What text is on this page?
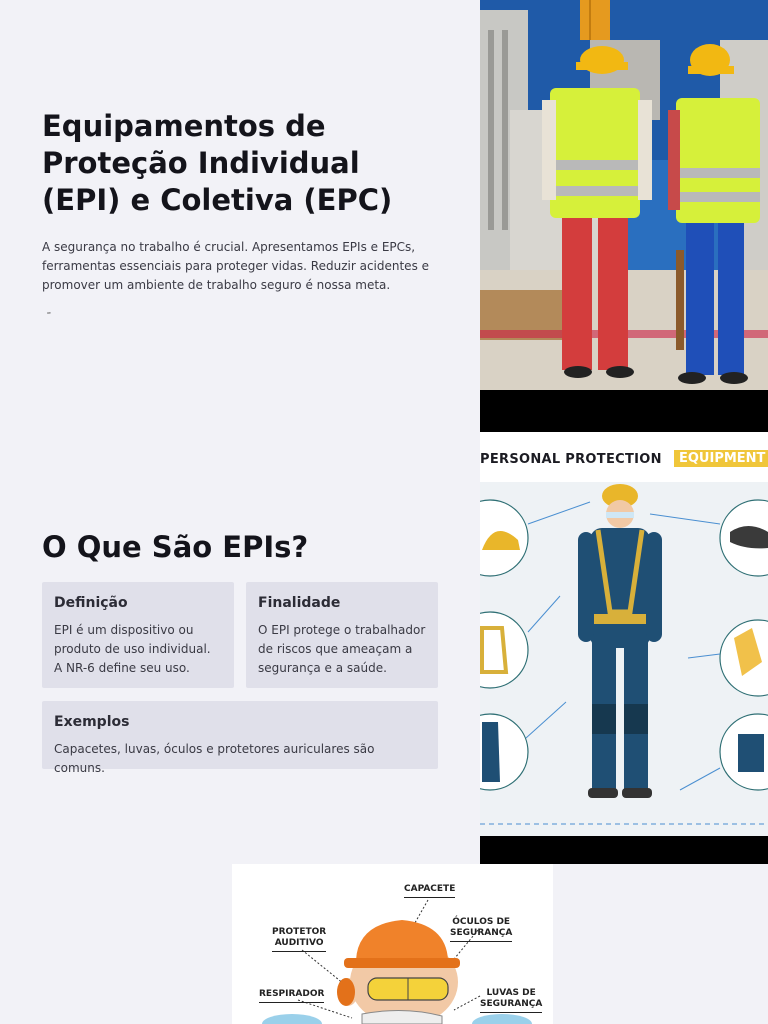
Equipamentos de Proteção Individual (EPI) e Coletiva (EPC)

A segurança no trabalho é crucial. Apresentamos EPIs e EPCs, ferramentas essenciais para proteger vidas. Reduzir acidentes e promover um ambiente de trabalho seguro é nossa meta.

ꟹ
O Que São EPIs?
Definição
EPI é um dispositivo ou produto de uso individual. A NR-6 define seu uso.
Finalidade
O EPI protege o trabalhador de riscos que ameaçam a segurança e a saúde.
Exemplos
Capacetes, luvas, óculos e protetores auriculares são comuns.
PERSONAL PROTECTION	EQUIPMENT
CAPACETE
ÓCULOS DE
SEGURANÇA
PROTETOR
AUDITIVO
RESPIRADOR	LUVAS DE
SEGURANÇA
